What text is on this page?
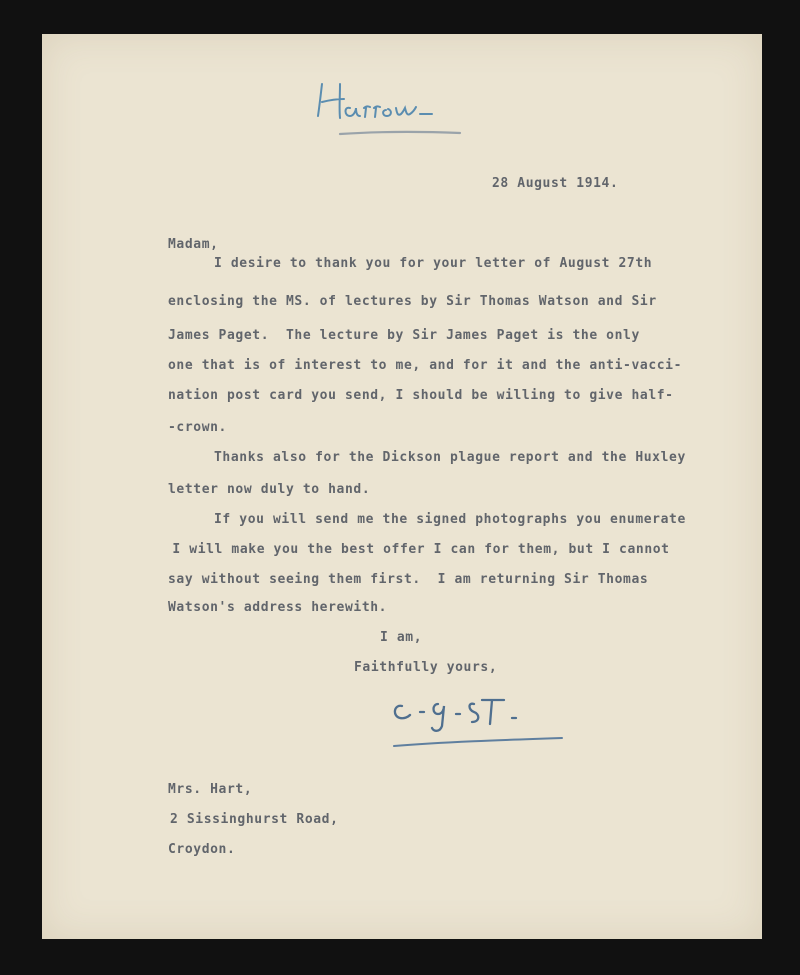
28 August 1914.
Madam,
I desire to thank you for your letter of August 27th
enclosing the MS. of lectures by Sir Thomas Watson and Sir
James Paget.  The lecture by Sir James Paget is the only
one that is of interest to me, and for it and the anti-vacci-
nation post card you send, I should be willing to give half-
-crown.
Thanks also for the Dickson plague report and the Huxley
letter now duly to hand.
If you will send me the signed photographs you enumerate
I will make you the best offer I can for them, but I cannot
say without seeing them first.  I am returning Sir Thomas
Watson's address herewith.
I am,
Faithfully yours,
Mrs. Hart,
2 Sissinghurst Road,
Croydon.
